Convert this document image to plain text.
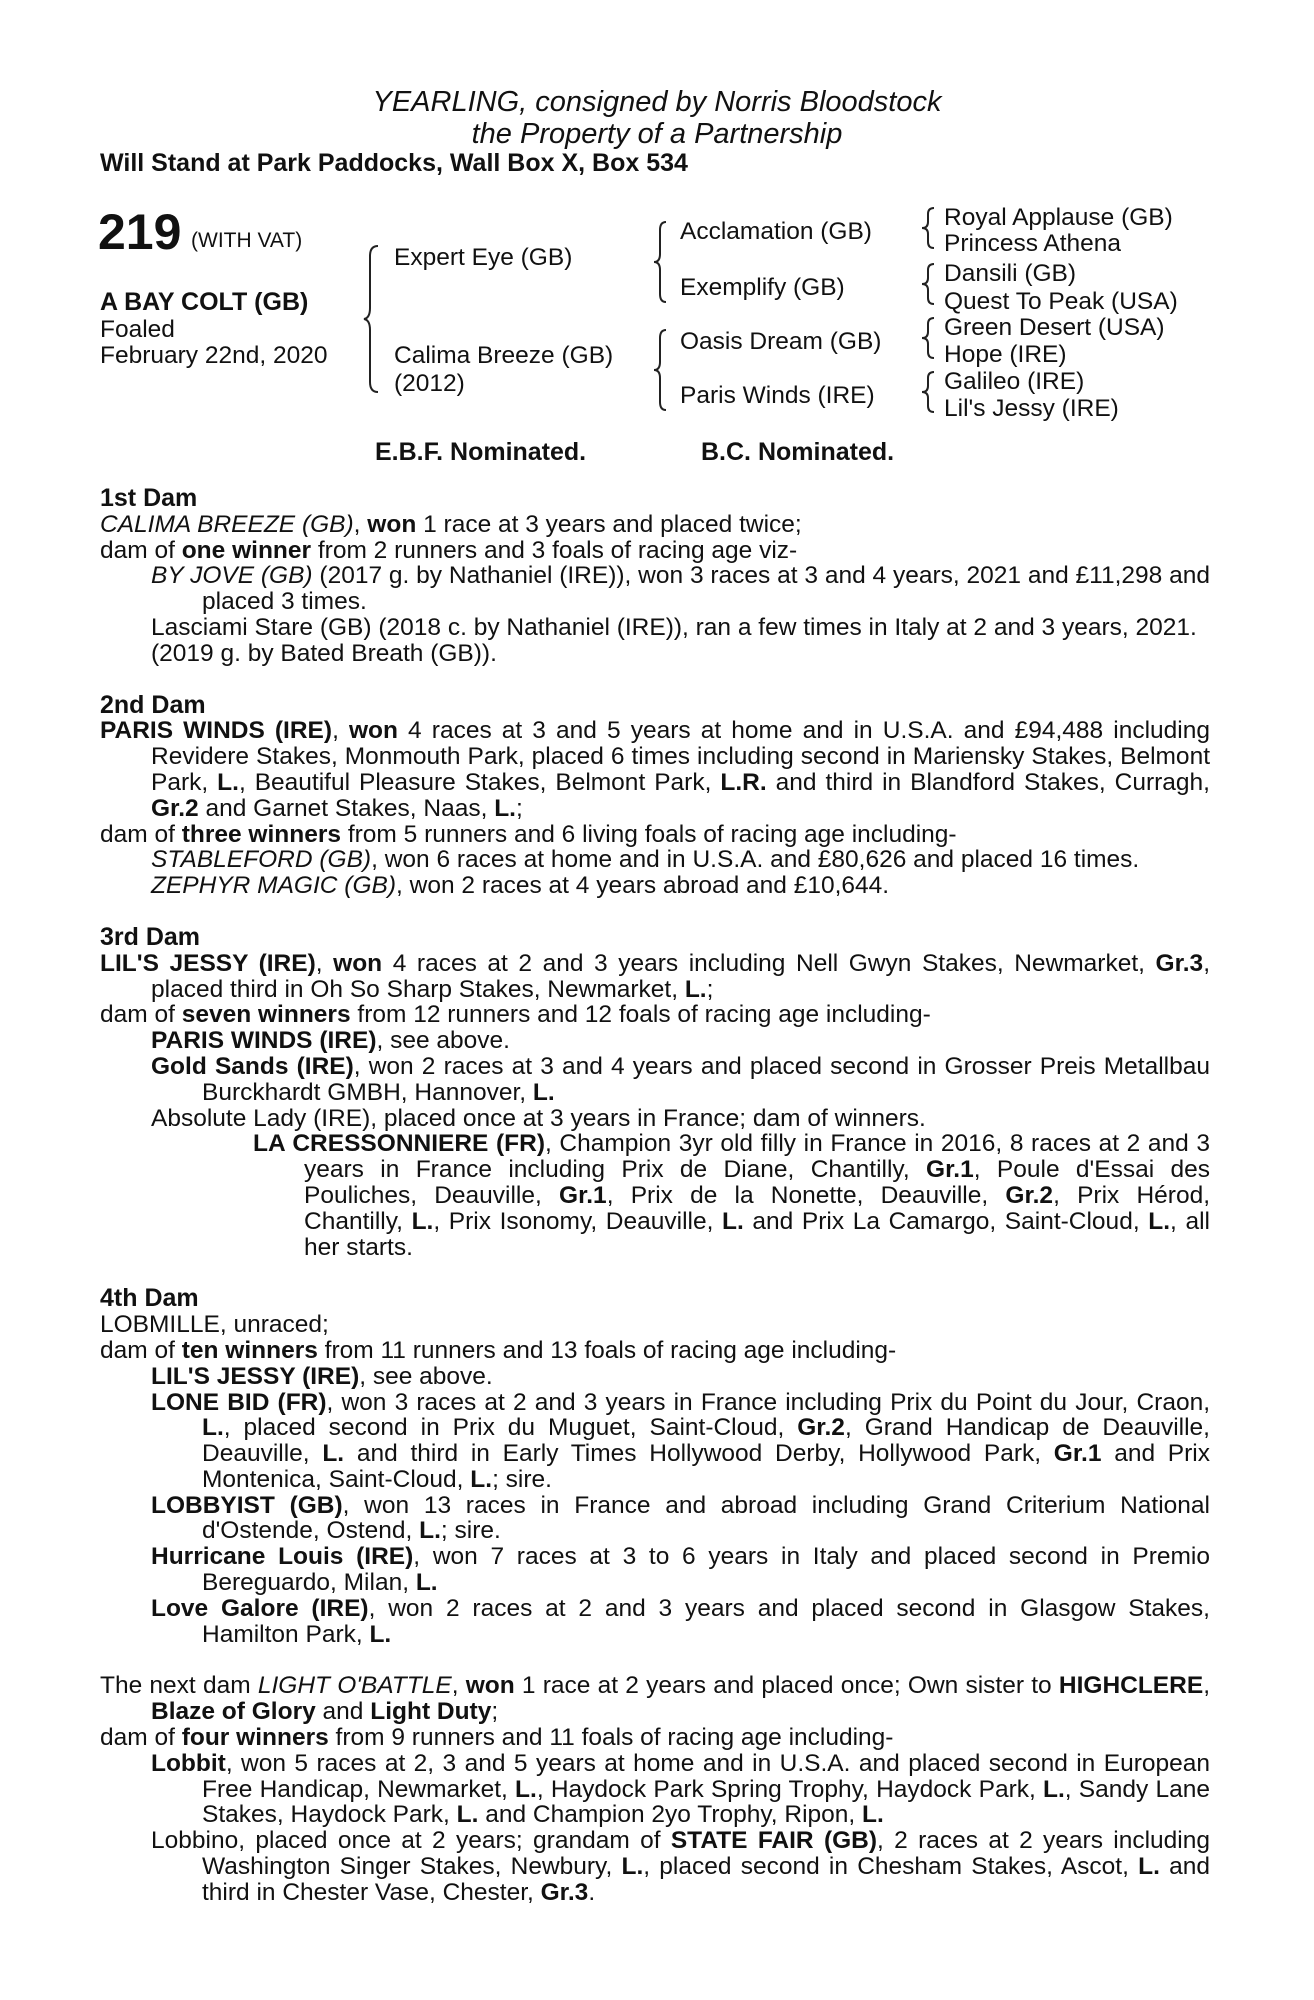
YEARLING, consigned by Norris Bloodstock
the Property of a Partnership
Will Stand at Park Paddocks, Wall Box X, Box 534
219 (WITH VAT)
A BAY COLT (GB)
Foaled
February 22nd, 2020
Expert Eye (GB)
Calima Breeze (GB)
(2012)
Acclamation (GB)
Exemplify (GB)
Oasis Dream (GB)
Paris Winds (IRE)
Royal Applause (GB)
Princess Athena
Dansili (GB)
Quest To Peak (USA)
Green Desert (USA)
Hope (IRE)
Galileo (IRE)
Lil's Jessy (IRE)
E.B.F. Nominated.	B.C. Nominated.

1st Dam

CALIMA BREEZE (GB), won 1 race at 3 years and placed twice;

dam of one winner from 2 runners and 3 foals of racing age viz-

BY JOVE (GB) (2017 g. by Nathaniel (IRE)), won 3 races at 3 and 4 years, 2021 and £11,298 and placed 3 times.

Lasciami Stare (GB) (2018 c. by Nathaniel (IRE)), ran a few times in Italy at 2 and 3 years, 2021.

(2019 g. by Bated Breath (GB)).

2nd Dam

PARIS WINDS (IRE), won 4 races at 3 and 5 years at home and in U.S.A. and £94,488 including Revidere Stakes, Monmouth Park, placed 6 times including second in Mariensky Stakes, Belmont Park, L., Beautiful Pleasure Stakes, Belmont Park, L.R. and third in Blandford Stakes, Curragh, Gr.2 and Garnet Stakes, Naas, L.;

dam of three winners from 5 runners and 6 living foals of racing age including-

STABLEFORD (GB), won 6 races at home and in U.S.A. and £80,626 and placed 16 times.

ZEPHYR MAGIC (GB), won 2 races at 4 years abroad and £10,644.

3rd Dam

LIL'S JESSY (IRE), won 4 races at 2 and 3 years including Nell Gwyn Stakes, Newmarket, Gr.3, placed third in Oh So Sharp Stakes, Newmarket, L.;

dam of seven winners from 12 runners and 12 foals of racing age including-

PARIS WINDS (IRE), see above.

Gold Sands (IRE), won 2 races at 3 and 4 years and placed second in Grosser Preis Metallbau Burckhardt GMBH, Hannover, L.

Absolute Lady (IRE), placed once at 3 years in France; dam of winners.

LA CRESSONNIERE (FR), Champion 3yr old filly in France in 2016, 8 races at 2 and 3 years in France including Prix de Diane, Chantilly, Gr.1, Poule d'Essai des Pouliches, Deauville, Gr.1, Prix de la Nonette, Deauville, Gr.2, Prix Hérod, Chantilly, L., Prix Isonomy, Deauville, L. and Prix La Camargo, Saint-Cloud, L., all her starts.

4th Dam

LOBMILLE, unraced;

dam of ten winners from 11 runners and 13 foals of racing age including-

LIL'S JESSY (IRE), see above.

LONE BID (FR), won 3 races at 2 and 3 years in France including Prix du Point du Jour, Craon, L., placed second in Prix du Muguet, Saint-Cloud, Gr.2, Grand Handicap de Deauville, Deauville, L. and third in Early Times Hollywood Derby, Hollywood Park, Gr.1 and Prix Montenica, Saint-Cloud, L.; sire.

LOBBYIST (GB), won 13 races in France and abroad including Grand Criterium National d'Ostende, Ostend, L.; sire.

Hurricane Louis (IRE), won 7 races at 3 to 6 years in Italy and placed second in Premio Bereguardo, Milan, L.

Love Galore (IRE), won 2 races at 2 and 3 years and placed second in Glasgow Stakes, Hamilton Park, L.

The next dam LIGHT O'BATTLE, won 1 race at 2 years and placed once; Own sister to HIGHCLERE, Blaze of Glory and Light Duty;

dam of four winners from 9 runners and 11 foals of racing age including-

Lobbit, won 5 races at 2, 3 and 5 years at home and in U.S.A. and placed second in European Free Handicap, Newmarket, L., Haydock Park Spring Trophy, Haydock Park, L., Sandy Lane Stakes, Haydock Park, L. and Champion 2yo Trophy, Ripon, L.

Lobbino, placed once at 2 years; grandam of STATE FAIR (GB), 2 races at 2 years including Washington Singer Stakes, Newbury, L., placed second in Chesham Stakes, Ascot, L. and third in Chester Vase, Chester, Gr.3.
